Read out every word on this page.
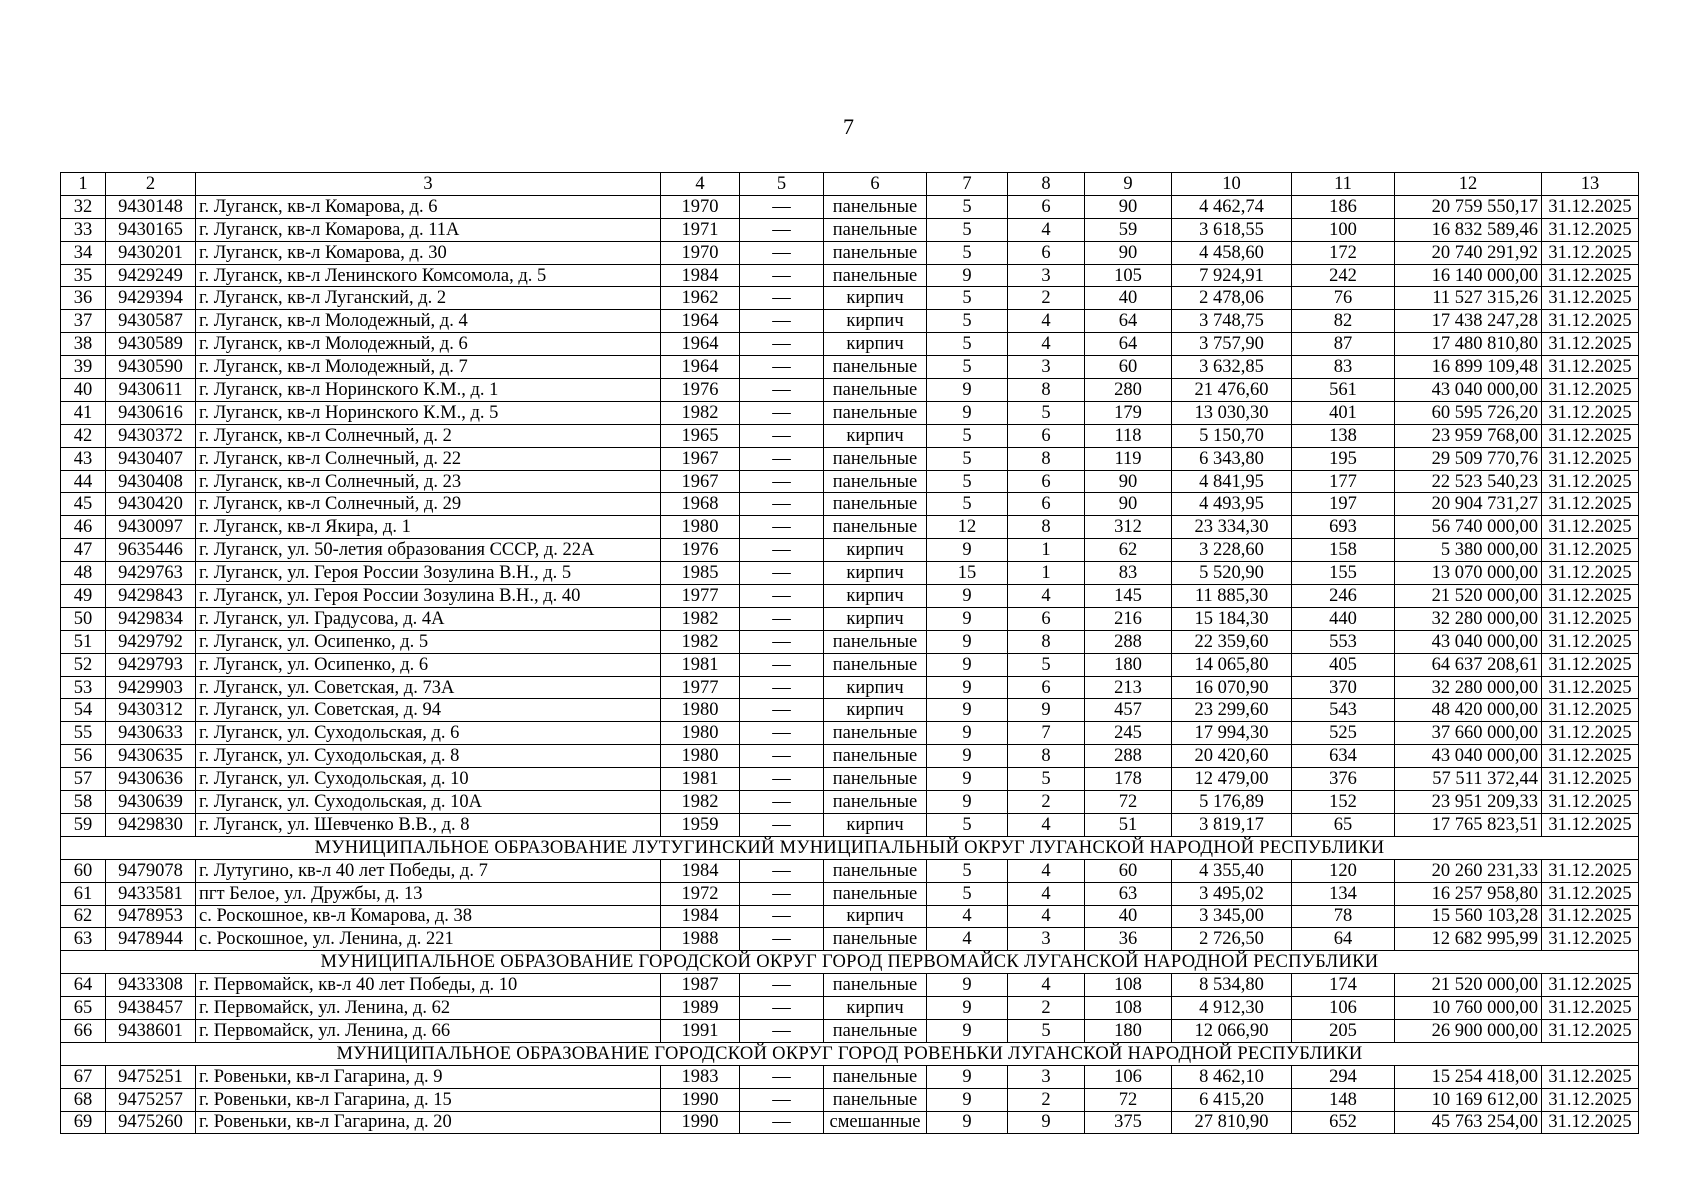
7
1	2	3	4	5	6	7	8	9	10	11	12	13
32	9430148	г. Луганск, кв-л Комарова, д. 6	1970	—	панельные	5	6	90	4 462,74	186	20 759 550,17	31.12.2025
33	9430165	г. Луганск, кв-л Комарова, д. 11А	1971	—	панельные	5	4	59	3 618,55	100	16 832 589,46	31.12.2025
34	9430201	г. Луганск, кв-л Комарова, д. 30	1970	—	панельные	5	6	90	4 458,60	172	20 740 291,92	31.12.2025
35	9429249	г. Луганск, кв-л Ленинского Комсомола, д. 5	1984	—	панельные	9	3	105	7 924,91	242	16 140 000,00	31.12.2025
36	9429394	г. Луганск, кв-л Луганский, д. 2	1962	—	кирпич	5	2	40	2 478,06	76	11 527 315,26	31.12.2025
37	9430587	г. Луганск, кв-л Молодежный, д. 4	1964	—	кирпич	5	4	64	3 748,75	82	17 438 247,28	31.12.2025
38	9430589	г. Луганск, кв-л Молодежный, д. 6	1964	—	кирпич	5	4	64	3 757,90	87	17 480 810,80	31.12.2025
39	9430590	г. Луганск, кв-л Молодежный, д. 7	1964	—	панельные	5	3	60	3 632,85	83	16 899 109,48	31.12.2025
40	9430611	г. Луганск, кв-л Норинского К.М., д. 1	1976	—	панельные	9	8	280	21 476,60	561	43 040 000,00	31.12.2025
41	9430616	г. Луганск, кв-л Норинского К.М., д. 5	1982	—	панельные	9	5	179	13 030,30	401	60 595 726,20	31.12.2025
42	9430372	г. Луганск, кв-л Солнечный, д. 2	1965	—	кирпич	5	6	118	5 150,70	138	23 959 768,00	31.12.2025
43	9430407	г. Луганск, кв-л Солнечный, д. 22	1967	—	панельные	5	8	119	6 343,80	195	29 509 770,76	31.12.2025
44	9430408	г. Луганск, кв-л Солнечный, д. 23	1967	—	панельные	5	6	90	4 841,95	177	22 523 540,23	31.12.2025
45	9430420	г. Луганск, кв-л Солнечный, д. 29	1968	—	панельные	5	6	90	4 493,95	197	20 904 731,27	31.12.2025
46	9430097	г. Луганск, кв-л Якира, д. 1	1980	—	панельные	12	8	312	23 334,30	693	56 740 000,00	31.12.2025
47	9635446	г. Луганск, ул. 50-летия образования СССР, д. 22А	1976	—	кирпич	9	1	62	3 228,60	158	5 380 000,00	31.12.2025
48	9429763	г. Луганск, ул. Героя России Зозулина В.Н., д. 5	1985	—	кирпич	15	1	83	5 520,90	155	13 070 000,00	31.12.2025
49	9429843	г. Луганск, ул. Героя России Зозулина В.Н., д. 40	1977	—	кирпич	9	4	145	11 885,30	246	21 520 000,00	31.12.2025
50	9429834	г. Луганск, ул. Градусова, д. 4А	1982	—	кирпич	9	6	216	15 184,30	440	32 280 000,00	31.12.2025
51	9429792	г. Луганск, ул. Осипенко, д. 5	1982	—	панельные	9	8	288	22 359,60	553	43 040 000,00	31.12.2025
52	9429793	г. Луганск, ул. Осипенко, д. 6	1981	—	панельные	9	5	180	14 065,80	405	64 637 208,61	31.12.2025
53	9429903	г. Луганск, ул. Советская, д. 73А	1977	—	кирпич	9	6	213	16 070,90	370	32 280 000,00	31.12.2025
54	9430312	г. Луганск, ул. Советская, д. 94	1980	—	кирпич	9	9	457	23 299,60	543	48 420 000,00	31.12.2025
55	9430633	г. Луганск, ул. Суходольская, д. 6	1980	—	панельные	9	7	245	17 994,30	525	37 660 000,00	31.12.2025
56	9430635	г. Луганск, ул. Суходольская, д. 8	1980	—	панельные	9	8	288	20 420,60	634	43 040 000,00	31.12.2025
57	9430636	г. Луганск, ул. Суходольская, д. 10	1981	—	панельные	9	5	178	12 479,00	376	57 511 372,44	31.12.2025
58	9430639	г. Луганск, ул. Суходольская, д. 10А	1982	—	панельные	9	2	72	5 176,89	152	23 951 209,33	31.12.2025
59	9429830	г. Луганск, ул. Шевченко В.В., д. 8	1959	—	кирпич	5	4	51	3 819,17	65	17 765 823,51	31.12.2025
МУНИЦИПАЛЬНОЕ ОБРАЗОВАНИЕ ЛУТУГИНСКИЙ МУНИЦИПАЛЬНЫЙ ОКРУГ ЛУГАНСКОЙ НАРОДНОЙ РЕСПУБЛИКИ												
60	9479078	г. Лутугино, кв-л 40 лет Победы, д. 7	1984	—	панельные	5	4	60	4 355,40	120	20 260 231,33	31.12.2025
61	9433581	пгт Белое, ул. Дружбы, д. 13	1972	—	панельные	5	4	63	3 495,02	134	16 257 958,80	31.12.2025
62	9478953	с. Роскошное, кв-л Комарова, д. 38	1984	—	кирпич	4	4	40	3 345,00	78	15 560 103,28	31.12.2025
63	9478944	с. Роскошное, ул. Ленина, д. 221	1988	—	панельные	4	3	36	2 726,50	64	12 682 995,99	31.12.2025
МУНИЦИПАЛЬНОЕ ОБРАЗОВАНИЕ ГОРОДСКОЙ ОКРУГ ГОРОД ПЕРВОМАЙСК ЛУГАНСКОЙ НАРОДНОЙ РЕСПУБЛИКИ												
64	9433308	г. Первомайск, кв-л 40 лет Победы, д. 10	1987	—	панельные	9	4	108	8 534,80	174	21 520 000,00	31.12.2025
65	9438457	г. Первомайск, ул. Ленина, д. 62	1989	—	кирпич	9	2	108	4 912,30	106	10 760 000,00	31.12.2025
66	9438601	г. Первомайск, ул. Ленина, д. 66	1991	—	панельные	9	5	180	12 066,90	205	26 900 000,00	31.12.2025
МУНИЦИПАЛЬНОЕ ОБРАЗОВАНИЕ ГОРОДСКОЙ ОКРУГ ГОРОД РОВЕНЬКИ ЛУГАНСКОЙ НАРОДНОЙ РЕСПУБЛИКИ												
67	9475251	г. Ровеньки, кв-л Гагарина, д. 9	1983	—	панельные	9	3	106	8 462,10	294	15 254 418,00	31.12.2025
68	9475257	г. Ровеньки, кв-л Гагарина, д. 15	1990	—	панельные	9	2	72	6 415,20	148	10 169 612,00	31.12.2025
69	9475260	г. Ровеньки, кв-л Гагарина, д. 20	1990	—	смешанные	9	9	375	27 810,90	652	45 763 254,00	31.12.2025
